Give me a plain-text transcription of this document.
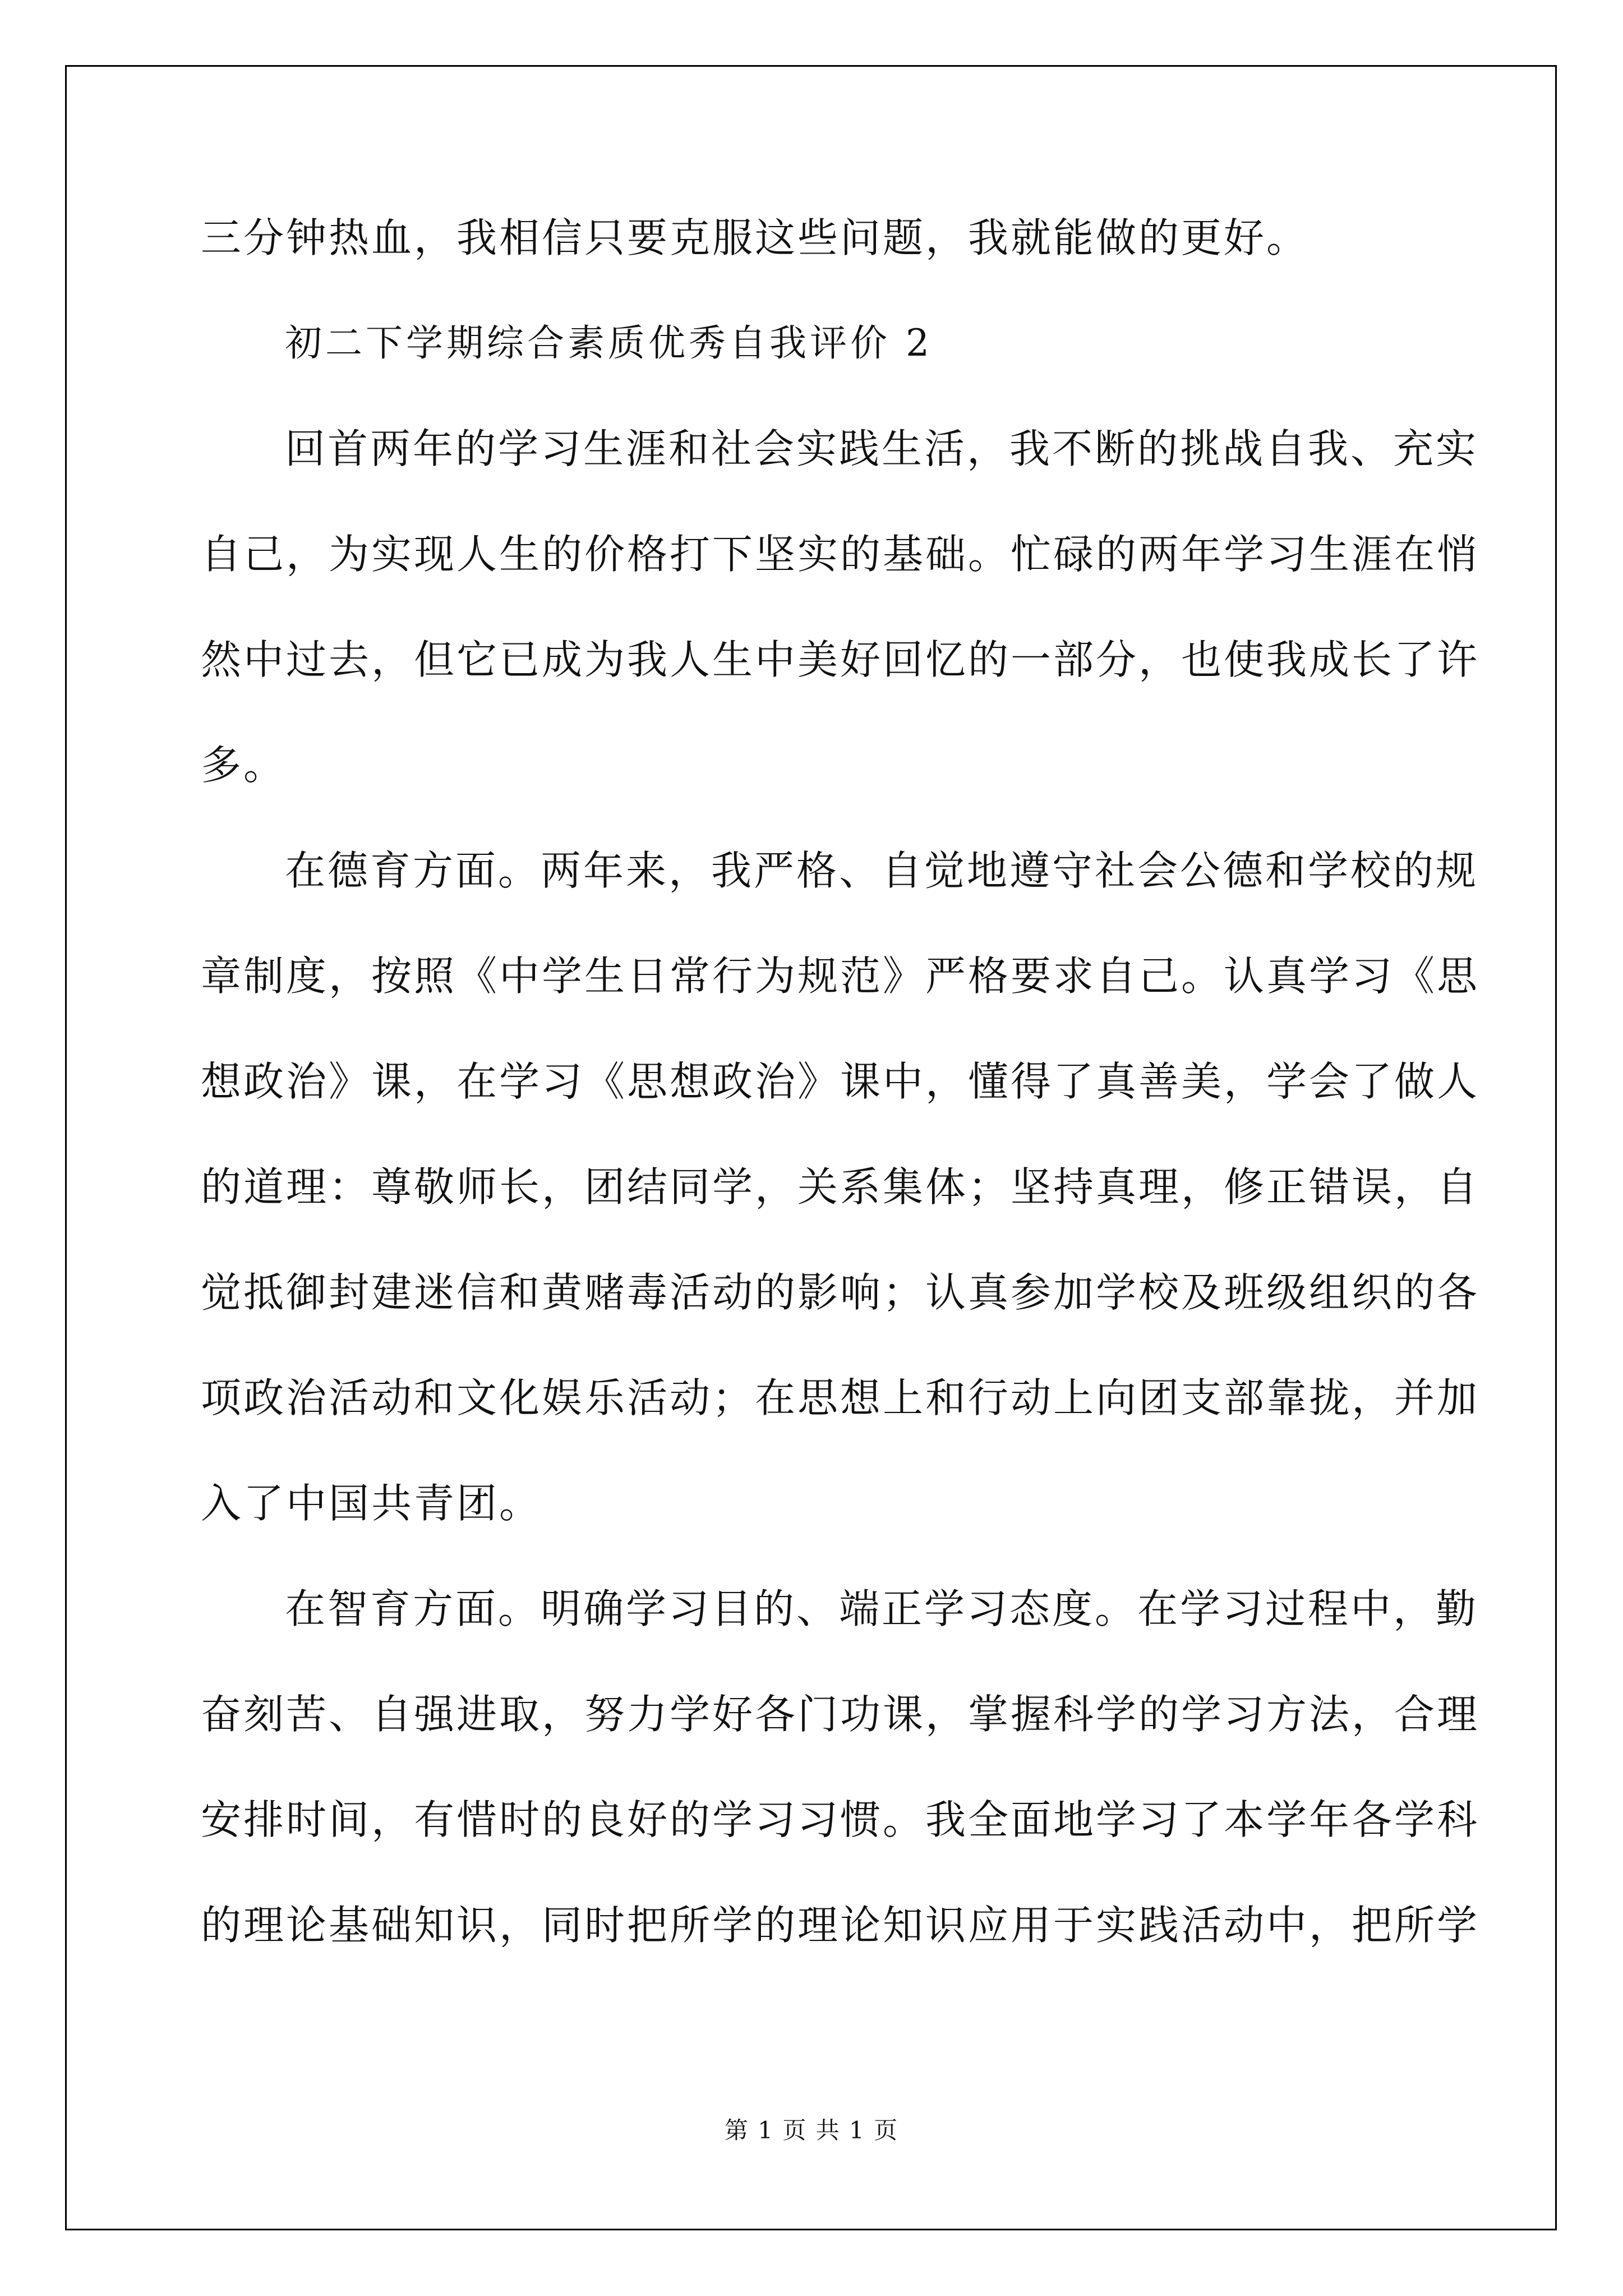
三分钟热血，我相信只要克服这些问题，我就能做的更好。
初二下学期综合素质优秀自我评价 2
回首两年的学习生涯和社会实践生活，我不断的挑战自我、充实
自己，为实现人生的价格打下坚实的基础。忙碌的两年学习生涯在悄
然中过去，但它已成为我人生中美好回忆的一部分，也使我成长了许
多。
在德育方面。两年来，我严格、自觉地遵守社会公德和学校的规
章制度，按照《中学生日常行为规范》严格要求自己。认真学习《思
想政治》课，在学习《思想政治》课中，懂得了真善美，学会了做人
的道理：尊敬师长，团结同学，关系集体；坚持真理，修正错误，自
觉抵御封建迷信和黄赌毒活动的影响；认真参加学校及班级组织的各
项政治活动和文化娱乐活动；在思想上和行动上向团支部靠拢，并加
入了中国共青团。
在智育方面。明确学习目的、端正学习态度。在学习过程中，勤
奋刻苦、自强进取，努力学好各门功课，掌握科学的学习方法，合理
安排时间，有惜时的良好的学习习惯。我全面地学习了本学年各学科
的理论基础知识，同时把所学的理论知识应用于实践活动中，把所学
第 1 页 共 1 页
